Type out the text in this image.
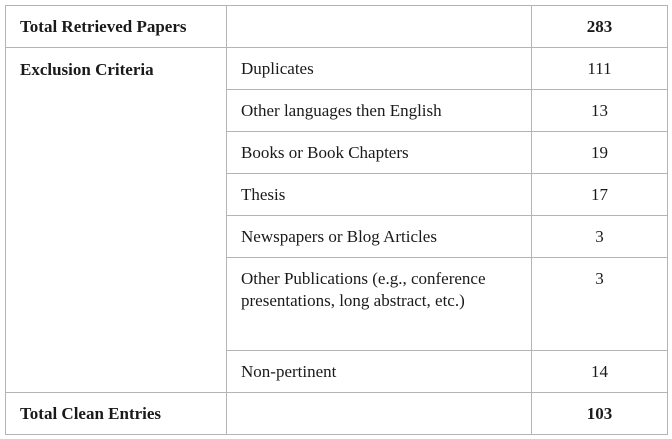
Total Retrieved Papers		283
Exclusion Criteria	Duplicates	111
	Other languages then English	13
	Books or Book Chapters	19
	Thesis	17
	Newspapers or Blog Articles	3
	Other Publications (e.g., conference presentations, long abstract, etc.)	3
	Non-pertinent	14
Total Clean Entries		103
